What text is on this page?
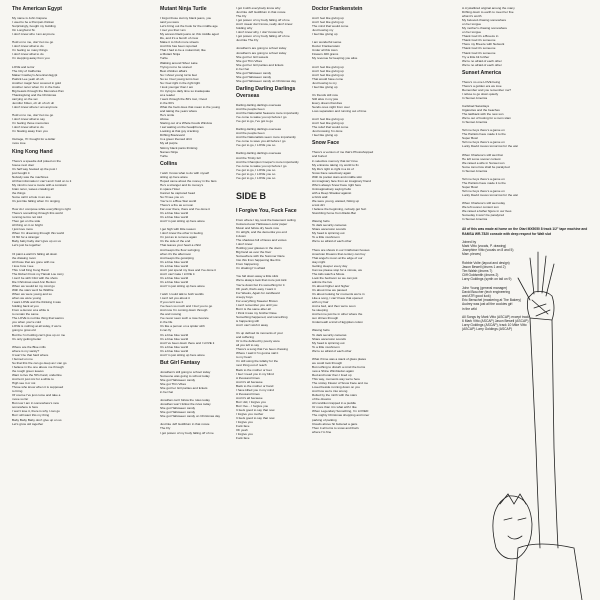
The American Egypt
My name is John Capone
I used to be a Pompeii chicken
Surprisingly, bought my building
On Longhurst St.
I don't know who I am anymore

Hold on to me, don't let me go
I don't know what to do
I'm feeling so many things
I don't know what to do
I'm stepping away from you

LOVE and terror
The City of California
Maker Cowboy's American Egypt
Patrick Lee yeah uh uh
Another magic hour covered in gold
Another rerun when I'm in the haze
Big beasts through the Memories Pan
Thanksgiving and the Christmas
carrying on the set
Jennifer Kitten, oh uh uh uh uh
I don't know where I am anymore

Hold on to me, don't let me go
I don't know what to say
I'm feeling those memories
I don't know what to do
I'm floating away from you

Outrage, I'll I bought for a dollar
more love
King Kong Hand
There's a speedie doll poked on the
house next door
It's half way hooked up the post I
just bought it
Nobody saw the machines
All that information I can't and I hold on to it
My mind is now a movie with a constant
brain rerun, waves crawling all
the things
Some call it a hole in an axe
It's just like falling when I'm singing

How do I compose while everything is right
There's something through this world
running terms not told
Then get on the side
All thing on it on bright
I just love more
When I'm dreaming through this world
I'd flirt for a stranger
Baby baby baby don't give up on us
Let's just be together

I'd paint a wall it's falling all down
the drawing room
All those that are gone with me
I love how I see
This I call King Kong Hand
The Robert Frost my Haruki Lou story
I can't be with Clint with the shots
Die Christmas used Ann Benton
When we would let my mind go
With the stars we'd be Wildfire
When we were young and so
when we were young
I want LOVE and the thinking it was
holding back at you
From a demon at a while is
to remain the same
The LOVE is not like thing that warms
you when you're cold
LOVE is nothing at all today, if we're
going to grow old
But the I'm holding can't give up on me
It's only getting better

Where are the Blue mills
where is my sanity?
It won't be that hard where
I burned on me
So that this fire can go deep as I can go
I believe in the one above me through
the rough green leaves
Want to live the 50's hand, underline
And let it just mix for a while to
High see it or not
Those who know when it is supposed
to bring
Of course I've just come and take a
move so far
But now I am in somewhere's new
somewhere is here
I won't lose it, there is why I can go
But I will want this my thing
Baby Baby Baby don't give up on us
Let's grow old together
Mutant Ninja Turtle
I forgot those stormy black jeans, you
said you were
Let's bring out the hook for the middle age
I met you that I am
My access black jeans on this middle aged
life, and it's a bunch of crew
Make it to Club more streets
And this has been reported
That I had to be a mutant kid, like
a Mutant Ninja
Turtle
Walking around Silver Lake
Trying not to be scared
Best children affairs
So I shout young turns feet
So so I feel young turns feet
So I feel right in the right light
I look younger than I am
I'm trying to daily time so inadequate
at a reader
I went through the 80's lost, I lived
in the 60's
What the heck does that mean to the young
and taking the years where
He's smile
Above
Staring out of a Whole Foods Window
I sat waiting on the headphones
Looking at that guy cracking
Drifting Boulevard
In a green themed shirt
My all purple
Skinny black pants thinking
Names Ninja
Turtle
Collins
I wish I know what to do with myself
sitting up here alone
Hoped came about the money in the fans
He's a stranger and its money's
in space Hotel
Cannot be captured head
So I'll see you on
You're in a Blue Star world
There's a fire as a moon
Far over there, there and I've done it
It's a blue blue world
It's a blue blue world
And I'm just sitting up here alone

I get high with little reason
I don't know the other in feeling
I'm just as to remove again
It's the side of the end
That leaves your heart a child
And keeps the floor swinging
when it's the afternoon
And keeps the gossiping
It's a blue blue world
It's a blue blue world
And I just spend my lives and I've done it
And I can't take I LOVE it
It's a blue blue world
It's a blue blue world
And I'm just sitting up here alone

I wish I could talk to both worlds
I can't tell you about it
If you can't see it
I've been so much and I fool you to go
And now I'm coming down through
the and moving
I've never seen such a rose bounce
in the life
It's like a person on a spider with
it can fly
It's a blue blue world
It's a blue blue world
And I've been down there and I LOVE it
It's a blue blue world
It's a blue blue world
And I'm just sitting up here alone
But Girl Fantasy
Jonathan's still going to school today
Someone was going to school today
She got Halloween candy
She got Thin Vibes
She got her Girl parties and tickets
in her hat

Jonathan can't follow the rules today
Jonathan won't follow the rules today
She got Halloween candy
She got Halloween candy
She got Halloween candy on Christmas day

Just like Jeff Goldblum in that movie
The Fly
I got poison of my body falling off of me
I got it with everybody know why
Just like Jeff Goldblum in that movie
The Fly
I got poison of my body falling off of me
And I swear don't know, really don't know
holding why
I don't know why, I don't know why
I got poison of my body falling off of me
Just like The Fly

Jonathan's are going to school today
Jonathan's are going to school today
She got her Girl sweets
She got Thin Vibes
She got her Girl parties and tickets
in her hat
She got Halloween candy
She got Halloween candy
She got Halloween candy on Christmas day
Darling Darling Darlings Overseas
Darling darling darlings overseas
And the people been
And the Nationalist Seasons more importantly
I've come to wake you up before I go
I've got to go, I've got to go

Darling darling darlings overseas
And the people been
And the Nationalists seem more importantly
I've come to save you all before I go
I've got to go, I LOVE you so

Darling darling darlings overseas
And the Trinity fell
And the Champion Cooper's more importantly
I've come to wake you up before I go
I've got to go, I LOVE you so
I've got to go, I LOVE you so
I've got to go, I LOVE you so
SIDE B
I Forgive You, Fuck Face
From where I lay, took the basement ceiling
Coloured ever Halloween-color paper
Music and fellow dry heels now
I'm alright, and the dementia you end
it down
The shadows full of faces and voices
I don't know
Holding your glasses in the doors
Big hand as over the floor
Somewhere with the Summer Daze
Into this from happening like this
From happening
I'm shaking I'm afraid

You fall down away a little slick
We're always look that more just kick
You're down but it's something for it
Oh yeah, that's easy I want it
For Weeks, Again for cardboard
creepy boys
For everything Sweeter Brown
I can't remember you until you
But it is the same after all
I think it was my brother Dave
Something happened, and something
is happening still
And I can't wish it away

It's up defined its moments of your
and suffering
Or is the defined by poetry were
all you left to say
There's a song that I've been chewing
Where I said it I'm gonna nail it
to my heart
I'm still using the lullaby for the
next thing out of reach
Back to the mother or feet
I feel I need you in my blind
A thousand times
And it's all because
Back to the mother or hand
I have killed you in my mind
A thousand times
And it's all because
But I did, I forgive you
But I live... I forgive you
It feels good to say that now
I forgive you mother
It feels good to say that now
I forgive you
Fuck face
Oh yeah
I forgive you
Fuck face
Doctor Frankenstein
And I feel like giving up
And I feel like giving up
The mind that would come
Just bowing my
I feel like giving up

I am wonderful sense
Doctor Frankenstein
Under all this town
Flowers 400 grams
My revenue for keeping you alive

And I feel like giving up
And I feel like giving up
And I feel like giving up
That would have come
Just bowing to my
I feel like giving up

It's friends still now
Still alive in my jaw
Every dream that dies
Sends ones night from over
Loss separation and running out of time

And I feel like giving up
And I feel like giving up
The relief that would come
Just knowing I'm done
I feel like giving up
Snow Face
There's a version of me that's Photoshopped
and buried
in selective memory that isn't true
My entrance taking my world to fix
My life's right to right in a lot of
Snow Face selectively again
With its pocket stars and middle skin
An imaginary face from an imaginary friend
Who's always Snow Face right here
Unimaginatively saying hello
with a Deep Shadow against
a brick wall
We were young, wasted, hiking up
a lost dirt
I believe the beginning, nobody got hurt
Stumbling home from Radio Bar

Waving hello
To dark security cameras
Share ascension sounds
My head is spinning out
To a little mushroom
We're so afraid of each other

There are shows in our Craftsman houses
American Dreams that century can buy
That angel's moon at the edge of our
stay night
Getting sleeper every day
Can we please stop for a minute, we
The kids watch a Movie
Look the bedroom so we can just
admire the live
It's about higher and higher
It's about time we passed
It's about looking for moments we're in
Like a song, I can't have that opened
with my hair
And a bed, and then we're soon
he sleeping
And let me just be in other where the
sun shines through
Underneath a kind of Egyptian cotton

Waving hello
To dark security cameras
Share ascension sounds
My head is spinning out
To a little mushroom
We're so afraid of each other

What if time was a stack of glass plates
we could look through
But nothing to disturb a mind the burns
new a Shine Wimbledon again
Red and lunar then I lived up
This way, moments way we're here
The smiley Flower of Snow Face and me
Loved beside running down on you
And how we're into wrong
Rolled by the mirth with the stars
of the dreams
All condition trapped in a puddle
Or more than it is what with I like
When Legendary Something, I'm LOVED
The mighty Christmas shopping and inner
parking of parking
Clouds above hit buttered a gaze
Then it all turns to snow and that's
where I'm fine
A crystallized original among the many
Drifting down to earth to meet her five
what it's worth
My beloved chasing somewhere
on her tongue
My mother's chasing somewhere
on her tongue
Thank God it's a Breeze in
Thank God it's someone
There my Breeze with Network
Thank God it's someone
Thank God it's someone
Try a little bit further
We're no afraid of each other
We're no afraid of each other
Sunset America
There's no one LOVE being
There's a golden era we love
Remember and you remember me?
I refuse to go down quietly
In Sunset America

Carlsbad Saturdays
Cigarettes and the beaches
The laidback with the new sun
We're out of footing for a room slam
In Sunset America

Tell me boys there's a game on
The Patriots have made it to the
Super Bowl
Tell me boys there's a game on
Lucky David moves tomorrow for the war

When Charlene's still wet that
He left some sooner contest
We raised a wife in Sunset sun
Some tomorrow shall be paralyzed
In Sunset America

Tell me boys there's a game on
The Patriots have made it to the
Super Bowl
Tell me boys there's a game on
Lucky David moves tomorrow for the war

When Charlene's still wet today
We left sooner content sun
We raised a father figure in our lives
Someday it won't be paralyzed
In Sunset America
All of this was made at home on the Otari MX5050 8 track 1/2" tape machine and RAMSA WR-T820 console with deep respect for Walt slut
Joined by
Mark Vitto (vocals, P. drawing)
Josephine Vitto (vocals on 8 and 5)
Marr. pieces)
Robbie Volte (layout and design)
Jason Bewell (drums 1 and 2)
Tim Walsh (drums 7)
Cliff Goldsmith (drums 2)
Larry Goldings (synth on tail on 9)
John Young (general manager)
David Boucher (tech engineering
and ATR good luck)
Eric Benschel (mastering at The Bakery)
Audrey was just all the cookies girl
in the wild
All Songs by Mark Vitto (ASCAP) except track
6 Mark Vitto (ASCAP) Jason Bewell (ASCAP)
Larry Goldings (ASCAP), track 10 Mike Vitto
(ASCAP) Larry Goldings (ASCAP)
